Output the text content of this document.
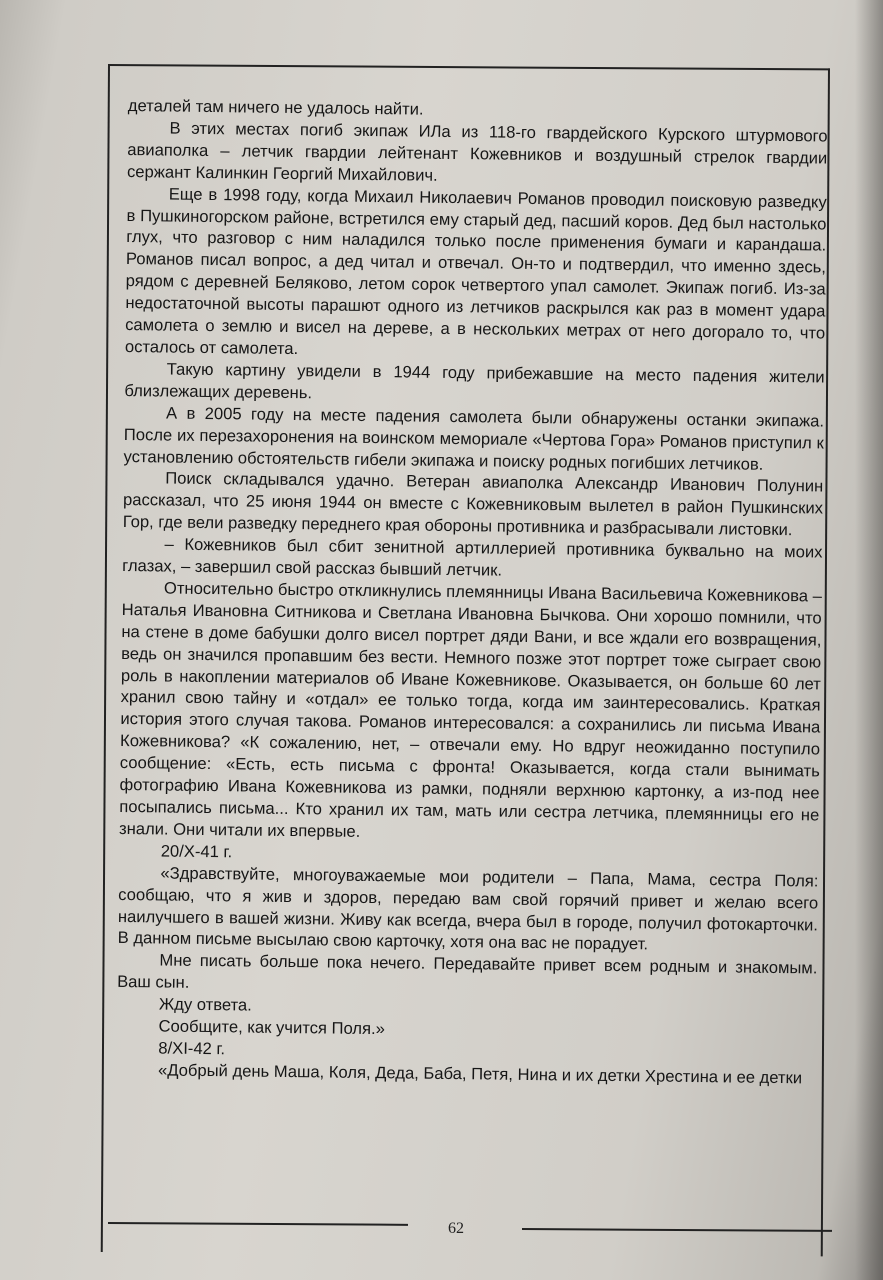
деталей там ничего не удалось найти.

В этих местах погиб экипаж ИЛа из 118-го гвардейского Курского штурмового авиаполка – летчик гвардии лейтенант Кожевников и воздушный стрелок гвардии сержант Калинкин Георгий Михайлович.

Еще в 1998 году, когда Михаил Николаевич Романов проводил поисковую разведку в Пушкиногорском районе, встретился ему старый дед, пасший коров. Дед был настолько глух, что разговор с ним наладился только после применения бумаги и карандаша. Романов писал вопрос, а дед читал и отвечал. Он-то и подтвердил, что именно здесь, рядом с деревней Беляково, летом сорок четвертого упал самолет. Экипаж погиб. Из-за недостаточной высоты парашют одного из летчиков раскрылся как раз в момент удара самолета о землю и висел на дереве, а в нескольких метрах от него догорало то, что осталось от самолета.

Такую картину увидели в 1944 году прибежавшие на место падения жители близлежащих деревень.

А в 2005 году на месте падения самолета были обнаружены останки экипажа. После их перезахоронения на воинском мемориале «Чертова Гора» Романов приступил к установлению обстоятельств гибели экипажа и поиску родных погибших летчиков.

Поиск складывался удачно. Ветеран авиаполка Александр Иванович Полунин рассказал, что 25 июня 1944 он вместе с Кожевниковым вылетел в район Пушкинских Гор, где вели разведку переднего края обороны противника и разбрасывали листовки.

– Кожевников был сбит зенитной артиллерией противника буквально на моих глазах, – завершил свой рассказ бывший летчик.

Относительно быстро откликнулись племянницы Ивана Васильевича Кожевникова – Наталья Ивановна Ситникова и Светлана Ивановна Бычкова. Они хорошо помнили, что на стене в доме бабушки долго висел портрет дяди Вани, и все ждали его возвращения, ведь он значился пропавшим без вести. Немного позже этот портрет тоже сыграет свою роль в накоплении материалов об Иване Кожевникове. Оказывается, он больше 60 лет хранил свою тайну и «отдал» ее только тогда, когда им заинтересовались. Краткая история этого случая такова. Романов интересовался: а сохранились ли письма Ивана Кожевникова? «К сожалению, нет, – отвечали ему. Но вдруг неожиданно поступило сообщение: «Есть, есть письма с фронта! Оказывается, когда стали вынимать фотографию Ивана Кожевникова из рамки, подняли верхнюю картонку, а из-под нее посыпались письма... Кто хранил их там, мать или сестра летчика, племянницы его не знали. Они читали их впервые.

20/X-41 г.

«Здравствуйте, многоуважаемые мои родители – Папа, Мама, сестра Поля: сообщаю, что я жив и здоров, передаю вам свой горячий привет и желаю всего наилучшего в вашей жизни. Живу как всегда, вчера был в городе, получил фотокарточки. В данном письме высылаю свою карточку, хотя она вас не порадует.

Мне писать больше пока нечего. Передавайте привет всем родным и знакомым. Ваш сын.

Жду ответа.

Сообщите, как учится Поля.»

8/XI-42 г.

«Добрый день Маша, Коля, Деда, Баба, Петя, Нина и их детки Хрестина и ее детки

62
